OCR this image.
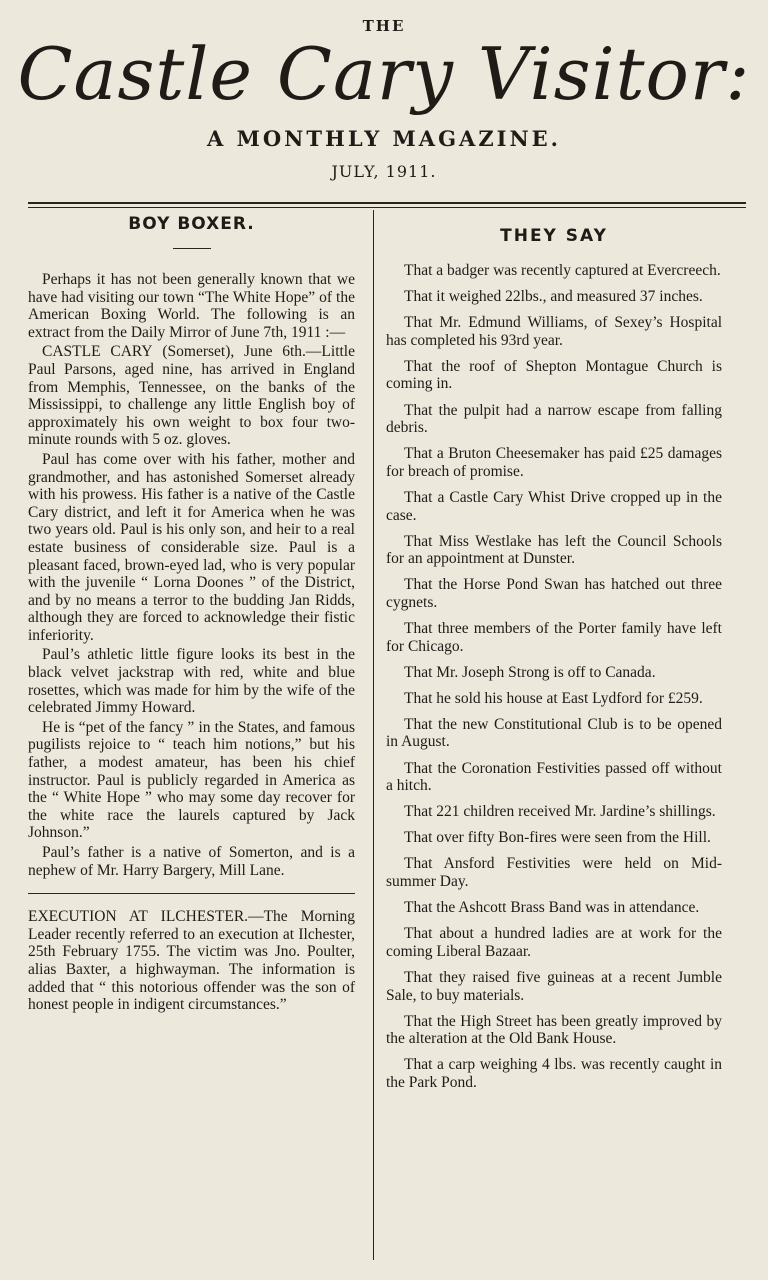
THE
Castle Cary Visitor:
A MONTHLY MAGAZINE.
JULY, 1911.
BOY BOXER.

Perhaps it has not been generally known that we have had visiting our town “The White Hope” of the American Boxing World. The following is an extract from the Daily Mirror of June 7th, 1911 :—

CASTLE CARY (Somerset), June 6th.—Little Paul Parsons, aged nine, has arrived in England from Memphis, Tennessee, on the banks of the Mississippi, to challenge any little English boy of approximately his own weight to box four two-minute rounds with 5 oz. gloves.

Paul has come over with his father, mother and grandmother, and has astonished Somerset already with his prowess. His father is a native of the Castle Cary district, and left it for America when he was two years old. Paul is his only son, and heir to a real estate business of considerable size. Paul is a pleasant faced, brown-eyed lad, who is very popular with the juvenile “ Lorna Doones ” of the District, and by no means a terror to the budding Jan Ridds, although they are forced to acknowledge their fistic inferiority.

Paul’s athletic little figure looks its best in the black velvet jackstrap with red, white and blue rosettes, which was made for him by the wife of the celebrated Jimmy Howard.

He is “pet of the fancy ” in the States, and famous pugilists rejoice to “ teach him notions,” but his father, a modest amateur, has been his chief instructor. Paul is publicly regarded in America as the “ White Hope ” who may some day recover for the white race the laurels captured by Jack Johnson.”

Paul’s father is a native of Somerton, and is a nephew of Mr. Harry Bargery, Mill Lane.

EXECUTION AT ILCHESTER.—The Morning Leader recently referred to an execution at Ilchester, 25th February 1755. The victim was Jno. Poulter, alias Baxter, a highwayman. The information is added that “ this notorious offender was the son of honest people in indigent circumstances.”

THEY SAY

That a badger was recently captured at Evercreech.

That it weighed 22lbs., and measured 37 inches.

That Mr. Edmund Williams, of Sexey’s Hospital has completed his 93rd year.

That the roof of Shepton Montague Church is coming in.

That the pulpit had a narrow escape from falling debris.

That a Bruton Cheesemaker has paid £25 damages for breach of promise.

That a Castle Cary Whist Drive cropped up in the case.

That Miss Westlake has left the Council Schools for an appointment at Dunster.

That the Horse Pond Swan has hatched out three cygnets.

That three members of the Porter family have left for Chicago.

That Mr. Joseph Strong is off to Canada.

That he sold his house at East Lydford for £259.

That the new Constitutional Club is to be opened in August.

That the Coronation Festivities passed off without a hitch.

That 221 children received Mr. Jardine’s shillings.

That over fifty Bon-fires were seen from the Hill.

That Ansford Festivities were held on Mid-summer Day.

That the Ashcott Brass Band was in attendance.

That about a hundred ladies are at work for the coming Liberal Bazaar.

That they raised five guineas at a recent Jumble Sale, to buy materials.

That the High Street has been greatly improved by the alteration at the Old Bank House.

That a carp weighing 4 lbs. was recently caught in the Park Pond.
